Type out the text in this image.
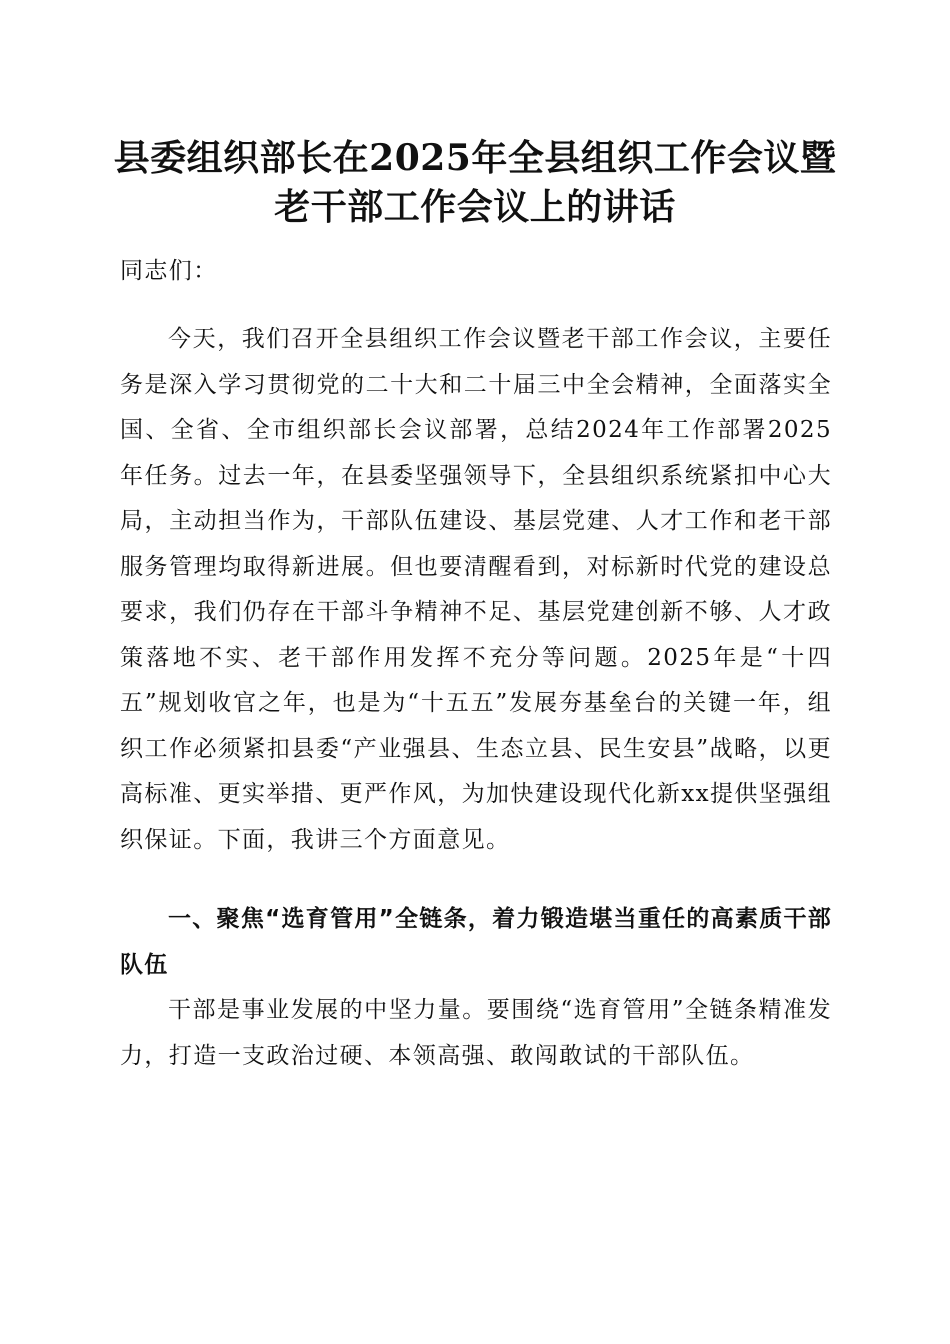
县委组织部长在2025年全县组织工作会议暨
老干部工作会议上的讲话
同志们：
今天，我们召开全县组织工作会议暨老干部工作会议，主要任务是深入学习贯彻党的二十大和二十届三中全会精神，全面落实全国、全省、全市组织部长会议部署，总结2024年工作部署2025年任务。过去一年，在县委坚强领导下，全县组织系统紧扣中心大局，主动担当作为，干部队伍建设、基层党建、人才工作和老干部服务管理均取得新进展。但也要清醒看到，对标新时代党的建设总要求，我们仍存在干部斗争精神不足、基层党建创新不够、人才政策落地不实、老干部作用发挥不充分等问题。2025年是“十四五”规划收官之年，也是为“十五五”发展夯基垒台的关键一年，组织工作必须紧扣县委“产业强县、生态立县、民生安县”战略，以更高标准、更实举措、更严作风，为加快建设现代化新xx提供坚强组织保证。下面，我讲三个方面意见。
一、聚焦“选育管用”全链条，着力锻造堪当重任的高素质干部队伍
干部是事业发展的中坚力量。要围绕“选育管用”全链条精准发力，打造一支政治过硬、本领高强、敢闯敢试的干部队伍。
